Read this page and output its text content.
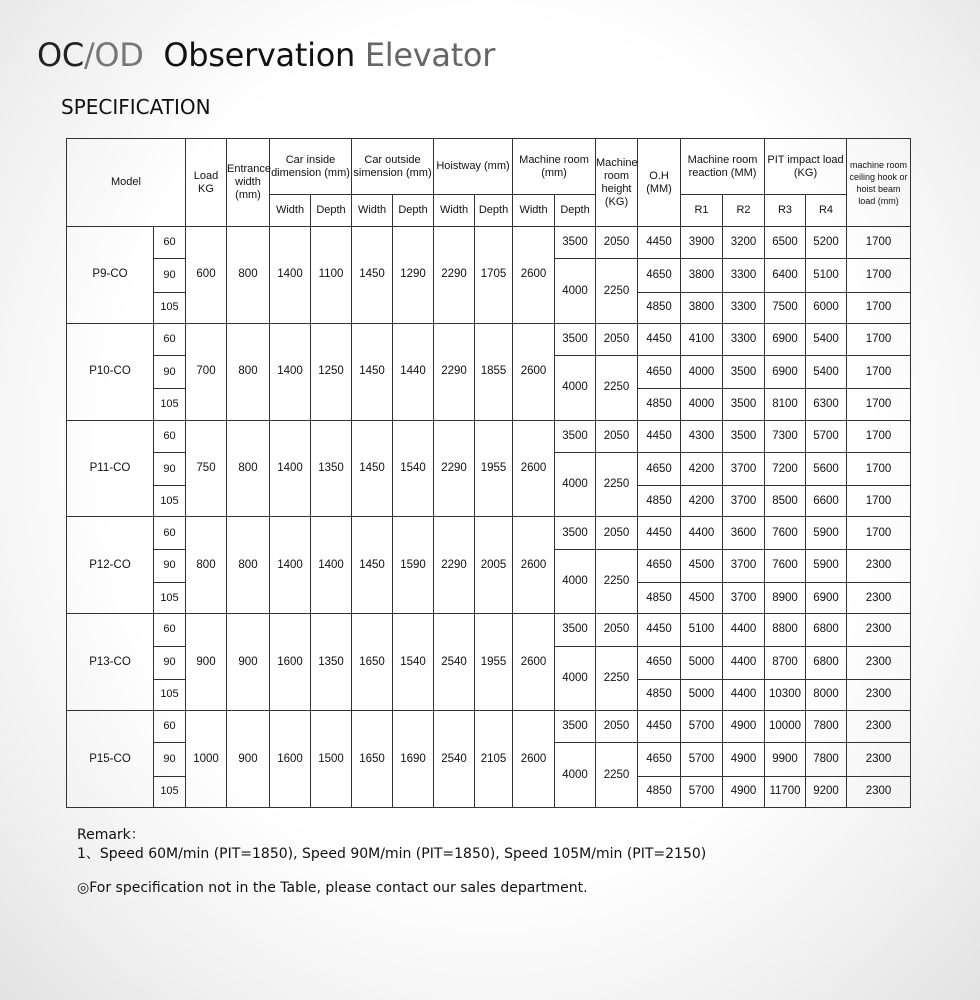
OC/OD Observation Elevator
SPECIFICATION
Model		Load KG	Entrance width (mm)	Car inside dimension (mm)		Car outside simension (mm)		Hoistway (mm)		Machine room (mm)		Machine room height (KG)	O.H (MM)	Machine room reaction (MM)		PIT impact load (KG)		machine room ceiling hook or hoist beam load (mm)
				Width	Depth	Width	Depth	Width	Depth	Width	Depth			R1	R2	R3	R4	
P9-CO	60	600	800	1400	1100	1450	1290	2290	1705	2600	3500	2050	4450	3900	3200	6500	5200	1700
	90										4000	2250	4650	3800	3300	6400	5100	1700
	105												4850	3800	3300	7500	6000	1700
P10-CO	60	700	800	1400	1250	1450	1440	2290	1855	2600	3500	2050	4450	4100	3300	6900	5400	1700
	90										4000	2250	4650	4000	3500	6900	5400	1700
	105												4850	4000	3500	8100	6300	1700
P11-CO	60	750	800	1400	1350	1450	1540	2290	1955	2600	3500	2050	4450	4300	3500	7300	5700	1700
	90										4000	2250	4650	4200	3700	7200	5600	1700
	105												4850	4200	3700	8500	6600	1700
P12-CO	60	800	800	1400	1400	1450	1590	2290	2005	2600	3500	2050	4450	4400	3600	7600	5900	1700
	90										4000	2250	4650	4500	3700	7600	5900	2300
	105												4850	4500	3700	8900	6900	2300
P13-CO	60	900	900	1600	1350	1650	1540	2540	1955	2600	3500	2050	4450	5100	4400	8800	6800	2300
	90										4000	2250	4650	5000	4400	8700	6800	2300
	105												4850	5000	4400	10300	8000	2300
P15-CO	60	1000	900	1600	1500	1650	1690	2540	2105	2600	3500	2050	4450	5700	4900	10000	7800	2300
	90										4000	2250	4650	5700	4900	9900	7800	2300
	105												4850	5700	4900	11700	9200	2300
Remark：
1、Speed 60M/min (PIT=1850), Speed 90M/min (PIT=1850), Speed 105M/min (PIT=2150)
◎For specification not in the Table, please contact our sales department.
